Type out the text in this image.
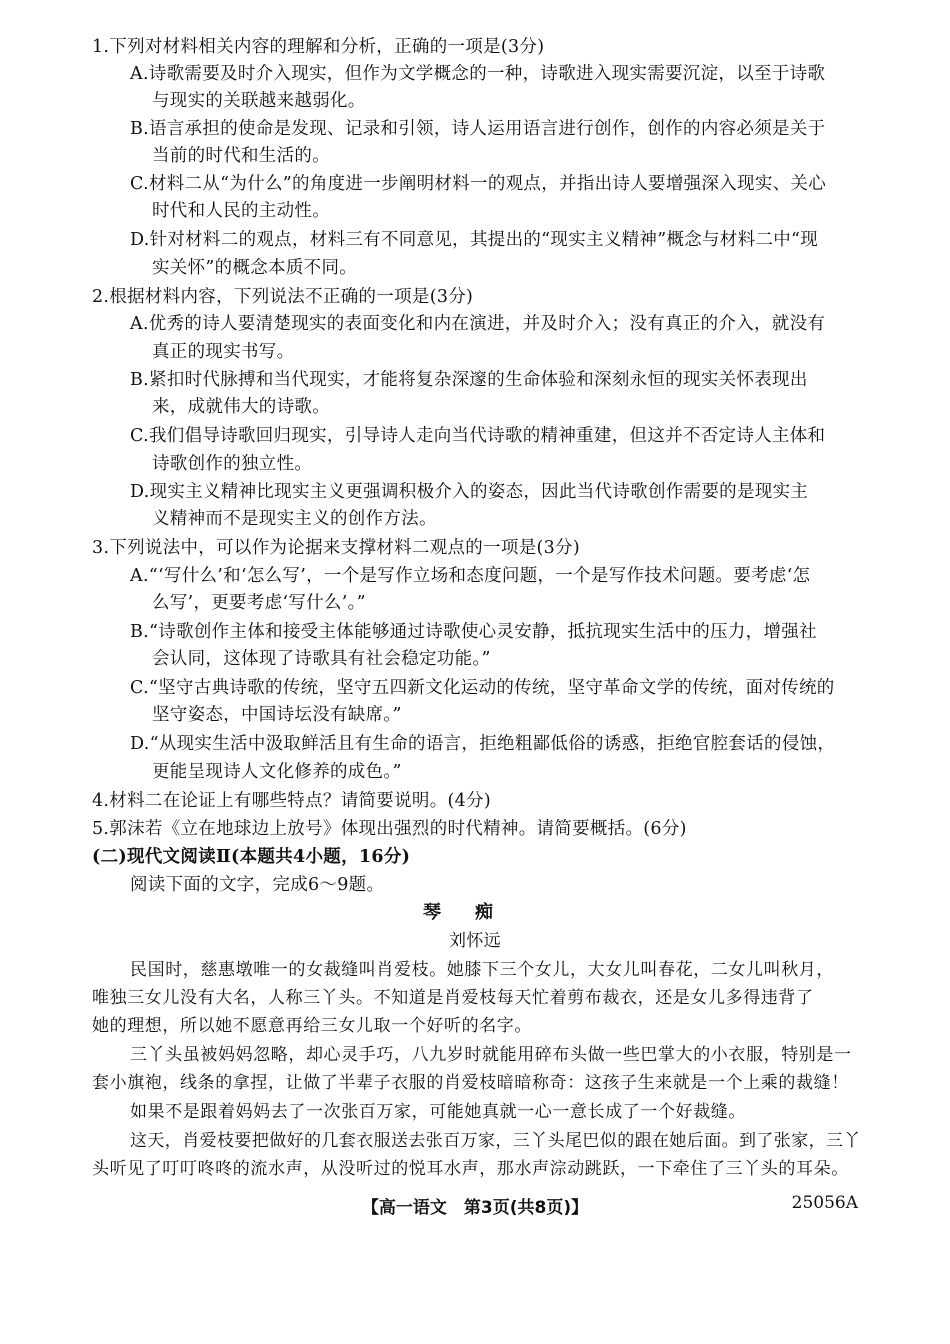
1.下列对材料相关内容的理解和分析，正确的一项是(3分)
A.诗歌需要及时介入现实，但作为文学概念的一种，诗歌进入现实需要沉淀，以至于诗歌
与现实的关联越来越弱化。
B.语言承担的使命是发现、记录和引领，诗人运用语言进行创作，创作的内容必须是关于
当前的时代和生活的。
C.材料二从“为什么”的角度进一步阐明材料一的观点，并指出诗人要增强深入现实、关心
时代和人民的主动性。
D.针对材料二的观点，材料三有不同意见，其提出的“现实主义精神”概念与材料二中“现
实关怀”的概念本质不同。
2.根据材料内容，下列说法不正确的一项是(3分)
A.优秀的诗人要清楚现实的表面变化和内在演进，并及时介入；没有真正的介入，就没有
真正的现实书写。
B.紧扣时代脉搏和当代现实，才能将复杂深邃的生命体验和深刻永恒的现实关怀表现出
来，成就伟大的诗歌。
C.我们倡导诗歌回归现实，引导诗人走向当代诗歌的精神重建，但这并不否定诗人主体和
诗歌创作的独立性。
D.现实主义精神比现实主义更强调积极介入的姿态，因此当代诗歌创作需要的是现实主
义精神而不是现实主义的创作方法。
3.下列说法中，可以作为论据来支撑材料二观点的一项是(3分)
A.“‘写什么’和‘怎么写’，一个是写作立场和态度问题，一个是写作技术问题。要考虑‘怎
么写’，更要考虑‘写什么’。”
B.“诗歌创作主体和接受主体能够通过诗歌使心灵安静，抵抗现实生活中的压力，增强社
会认同，这体现了诗歌具有社会稳定功能。”
C.“坚守古典诗歌的传统，坚守五四新文化运动的传统，坚守革命文学的传统，面对传统的
坚守姿态，中国诗坛没有缺席。”
D.“从现实生活中汲取鲜活且有生命的语言，拒绝粗鄙低俗的诱惑，拒绝官腔套话的侵蚀，
更能呈现诗人文化修养的成色。”
4.材料二在论证上有哪些特点？请简要说明。(4分)
5.郭沫若《立在地球边上放号》体现出强烈的时代精神。请简要概括。(6分)
(二)现代文阅读Ⅱ(本题共4小题，16分)
阅读下面的文字，完成6～9题。
琴痴
刘怀远
民国时，慈惠墩唯一的女裁缝叫肖爱枝。她膝下三个女儿，大女儿叫春花，二女儿叫秋月，
唯独三女儿没有大名，人称三丫头。不知道是肖爱枝每天忙着剪布裁衣，还是女儿多得违背了
她的理想，所以她不愿意再给三女儿取一个好听的名字。
三丫头虽被妈妈忽略，却心灵手巧，八九岁时就能用碎布头做一些巴掌大的小衣服，特别是一
套小旗袍，线条的拿捏，让做了半辈子衣服的肖爱枝暗暗称奇：这孩子生来就是一个上乘的裁缝！
如果不是跟着妈妈去了一次张百万家，可能她真就一心一意长成了一个好裁缝。
这天，肖爱枝要把做好的几套衣服送去张百万家，三丫头尾巴似的跟在她后面。到了张家，三丫
头听见了叮叮咚咚的流水声，从没听过的悦耳水声，那水声淙动跳跃，一下牵住了三丫头的耳朵。
【高一语文　第3页(共8页)】	25056A
